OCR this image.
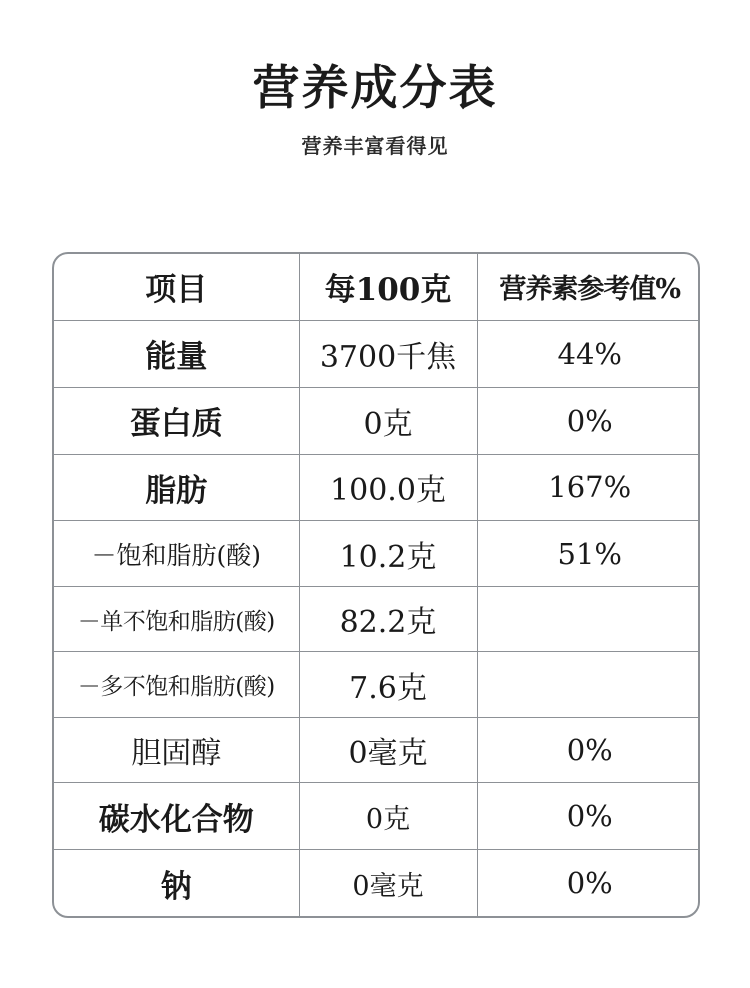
营养成分表
营养丰富看得见
项目	每100克	营养素参考值%
能量	3700千焦	44%
蛋白质	0克	0%
脂肪	100.0克	167%
－饱和脂肪(酸)	10.2克	51%
－单不饱和脂肪(酸)	82.2克	
－多不饱和脂肪(酸)	7.6克	
胆固醇	0毫克	0%
碳水化合物	0克	0%
钠	0毫克	0%
